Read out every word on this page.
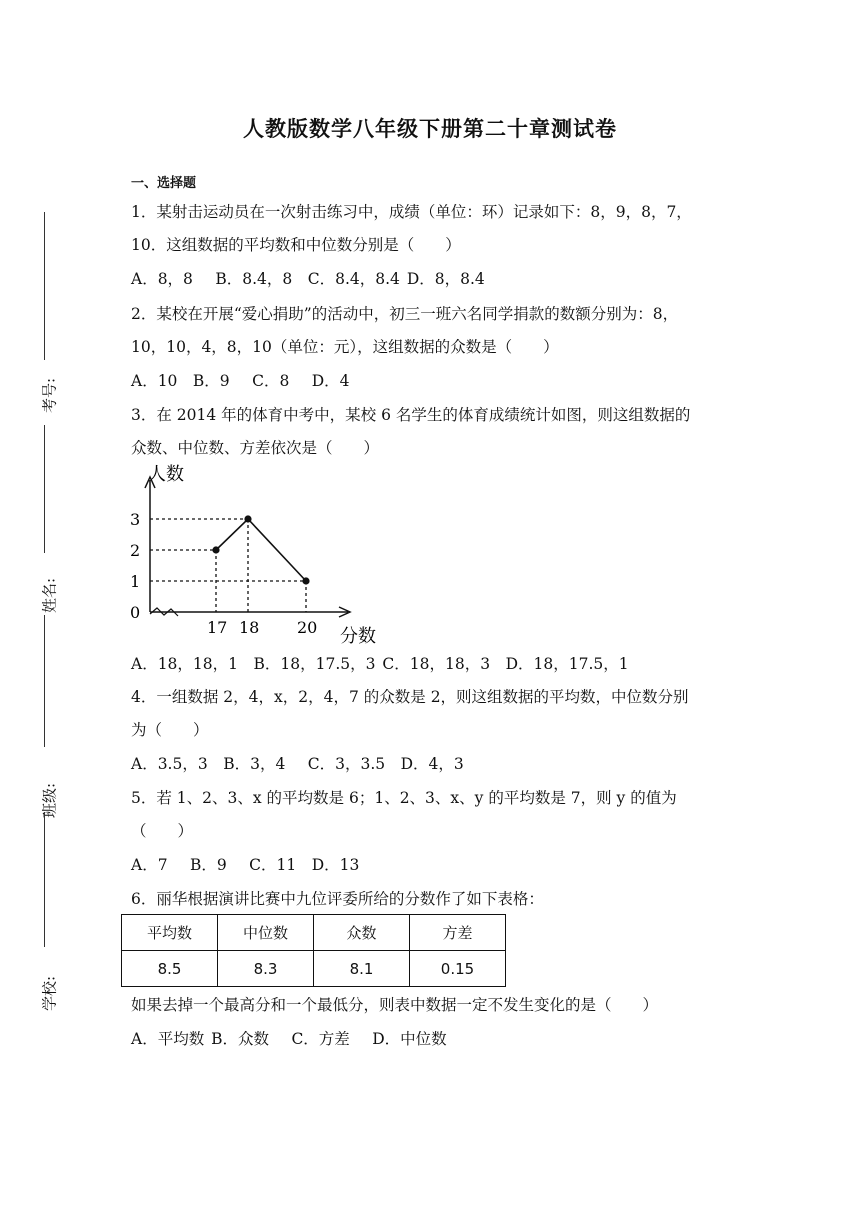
考号:
姓名:
班级:
学校:
人教版数学八年级下册第二十章测试卷
一、选择题
1．某射击运动员在一次射击练习中，成绩（单位：环）记录如下：8，9，8，7，
10．这组数据的平均数和中位数分别是（　　）
A．8，8　 B．8.4，8　C．8.4，8.4 D．8，8.4
2．某校在开展“爱心捐助”的活动中，初三一班六名同学捐款的数额分别为：8，
10，10，4，8，10（单位：元），这组数据的众数是（　　）
A．10　B．9　 C．8　 D．4
3．在 2014 年的体育中考中，某校 6 名学生的体育成绩统计如图，则这组数据的
众数、中位数、方差依次是（　　）
人数
分数
0
1
2
3
17 18 20
A．18，18，1　B．18，17.5，3 C．18，18，3　D．18，17.5，1
4．一组数据 2，4，x，2，4，7 的众数是 2，则这组数据的平均数，中位数分别
为（　　）
A．3.5，3　B．3，4　 C．3，3.5　D．4，3
5．若 1、2、3、x 的平均数是 6；1、2、3、x、y 的平均数是 7，则 y 的值为
（　　）
A．7　 B．9　 C．11　D．13
6．丽华根据演讲比赛中九位评委所给的分数作了如下表格：
平均数	中位数	众数	方差
8.5	8.3	8.1	0.15
如果去掉一个最高分和一个最低分，则表中数据一定不发生变化的是（　　）
A．平均数 B．众数　 C．方差　 D．中位数
